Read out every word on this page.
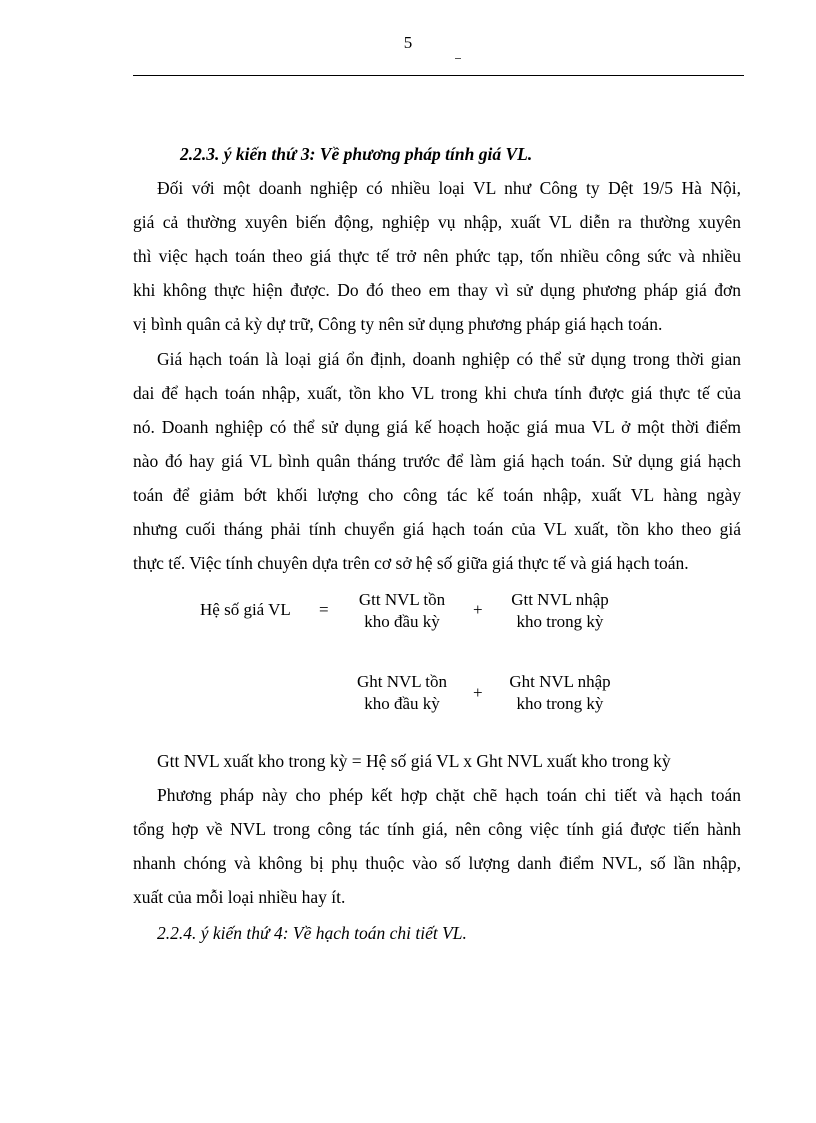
5
2.2.3. ý kiến thứ 3: Về phương pháp tính giá VL.
Đối với một doanh nghiệp có nhiều loại VL như Công ty Dệt 19/5 Hà Nội,
giá cả thường xuyên biến động, nghiệp vụ nhập, xuất VL diễn ra thường xuyên
thì việc hạch toán theo giá thực tế trở nên phức tạp, tốn nhiều công sức và nhiều
khi không thực hiện được. Do đó theo em thay vì sử dụng phương pháp giá đơn
vị bình quân cả kỳ dự trữ, Công ty nên sử dụng phương pháp giá hạch toán.
Giá hạch toán là loại giá ổn định, doanh nghiệp có thể sử dụng trong thời gian
dai để hạch toán nhập, xuất, tồn kho VL trong khi chưa tính được giá thực tế của
nó. Doanh nghiệp có thể sử dụng giá kế hoạch hoặc giá mua VL ở một thời điểm
nào đó hay giá VL bình quân tháng trước để làm giá hạch toán. Sử dụng giá hạch
toán để giảm bớt khối lượng cho công tác kế toán nhập, xuất VL hàng ngày
nhưng cuối tháng phải tính chuyển giá hạch toán của VL xuất, tồn kho theo giá
thực tế. Việc tính chuyên dựa trên cơ sở hệ số giữa giá thực tế và giá hạch toán.
Hệ số giá VL =
Gtt NVL tồn
kho đầu kỳ
+
Gtt NVL nhập
kho trong kỳ
Ght NVL tồn
kho đầu kỳ
+
Ght NVL nhập
kho trong kỳ
Gtt NVL xuất kho trong kỳ = Hệ số giá VL x Ght NVL xuất kho trong kỳ
Phương pháp này cho phép kết hợp chặt chẽ hạch toán chi tiết và hạch toán
tổng hợp về NVL trong công tác tính giá, nên công việc tính giá được tiến hành
nhanh chóng và không bị phụ thuộc vào số lượng danh điểm NVL, số lần nhập,
xuất của mỗi loại nhiều hay ít.
2.2.4. ý kiến thứ 4: Về hạch toán chi tiết VL.
